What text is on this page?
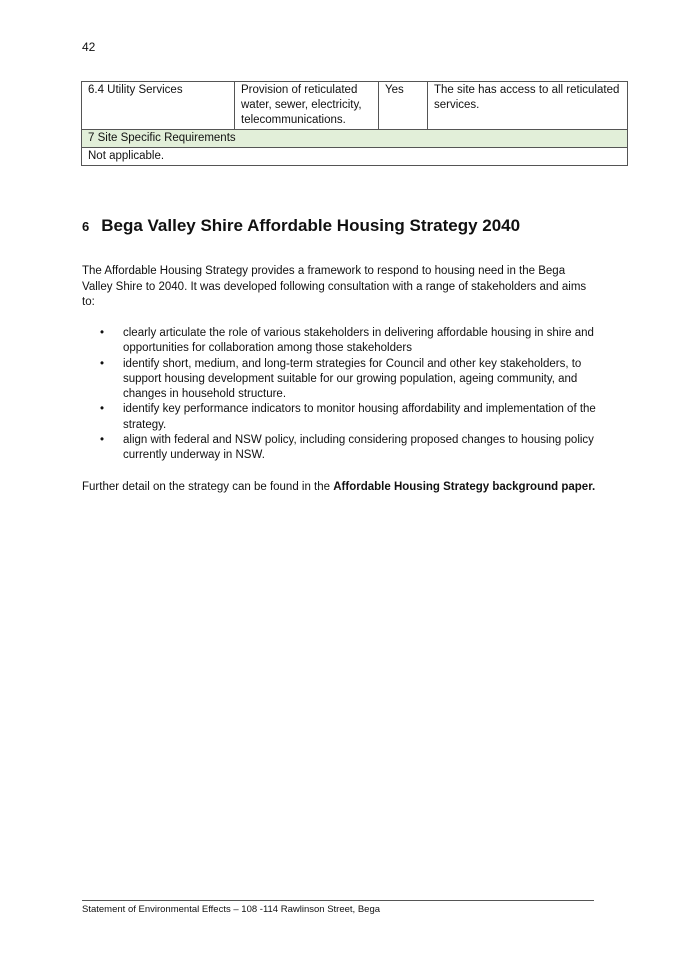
42
6.4 Utility Services	Provision of reticulated water, sewer, electricity, telecommunications.	Yes	The site has access to all reticulated services.
7 Site Specific Requirements
Not applicable.
6 Bega Valley Shire Affordable Housing Strategy 2040

The Affordable Housing Strategy provides a framework to respond to housing need in the Bega Valley Shire to 2040. It was developed following consultation with a range of stakeholders and aims to:

• clearly articulate the role of various stakeholders in delivering affordable housing in shire and opportunities for collaboration among those stakeholders
• identify short, medium, and long-term strategies for Council and other key stakeholders, to support housing development suitable for our growing population, ageing community, and changes in household structure.
• identify key performance indicators to monitor housing affordability and implementation of the strategy.
• align with federal and NSW policy, including considering proposed changes to housing policy currently underway in NSW.

Further detail on the strategy can be found in the Affordable Housing Strategy background paper.

Statement of Environmental Effects – 108 -114 Rawlinson Street, Bega
